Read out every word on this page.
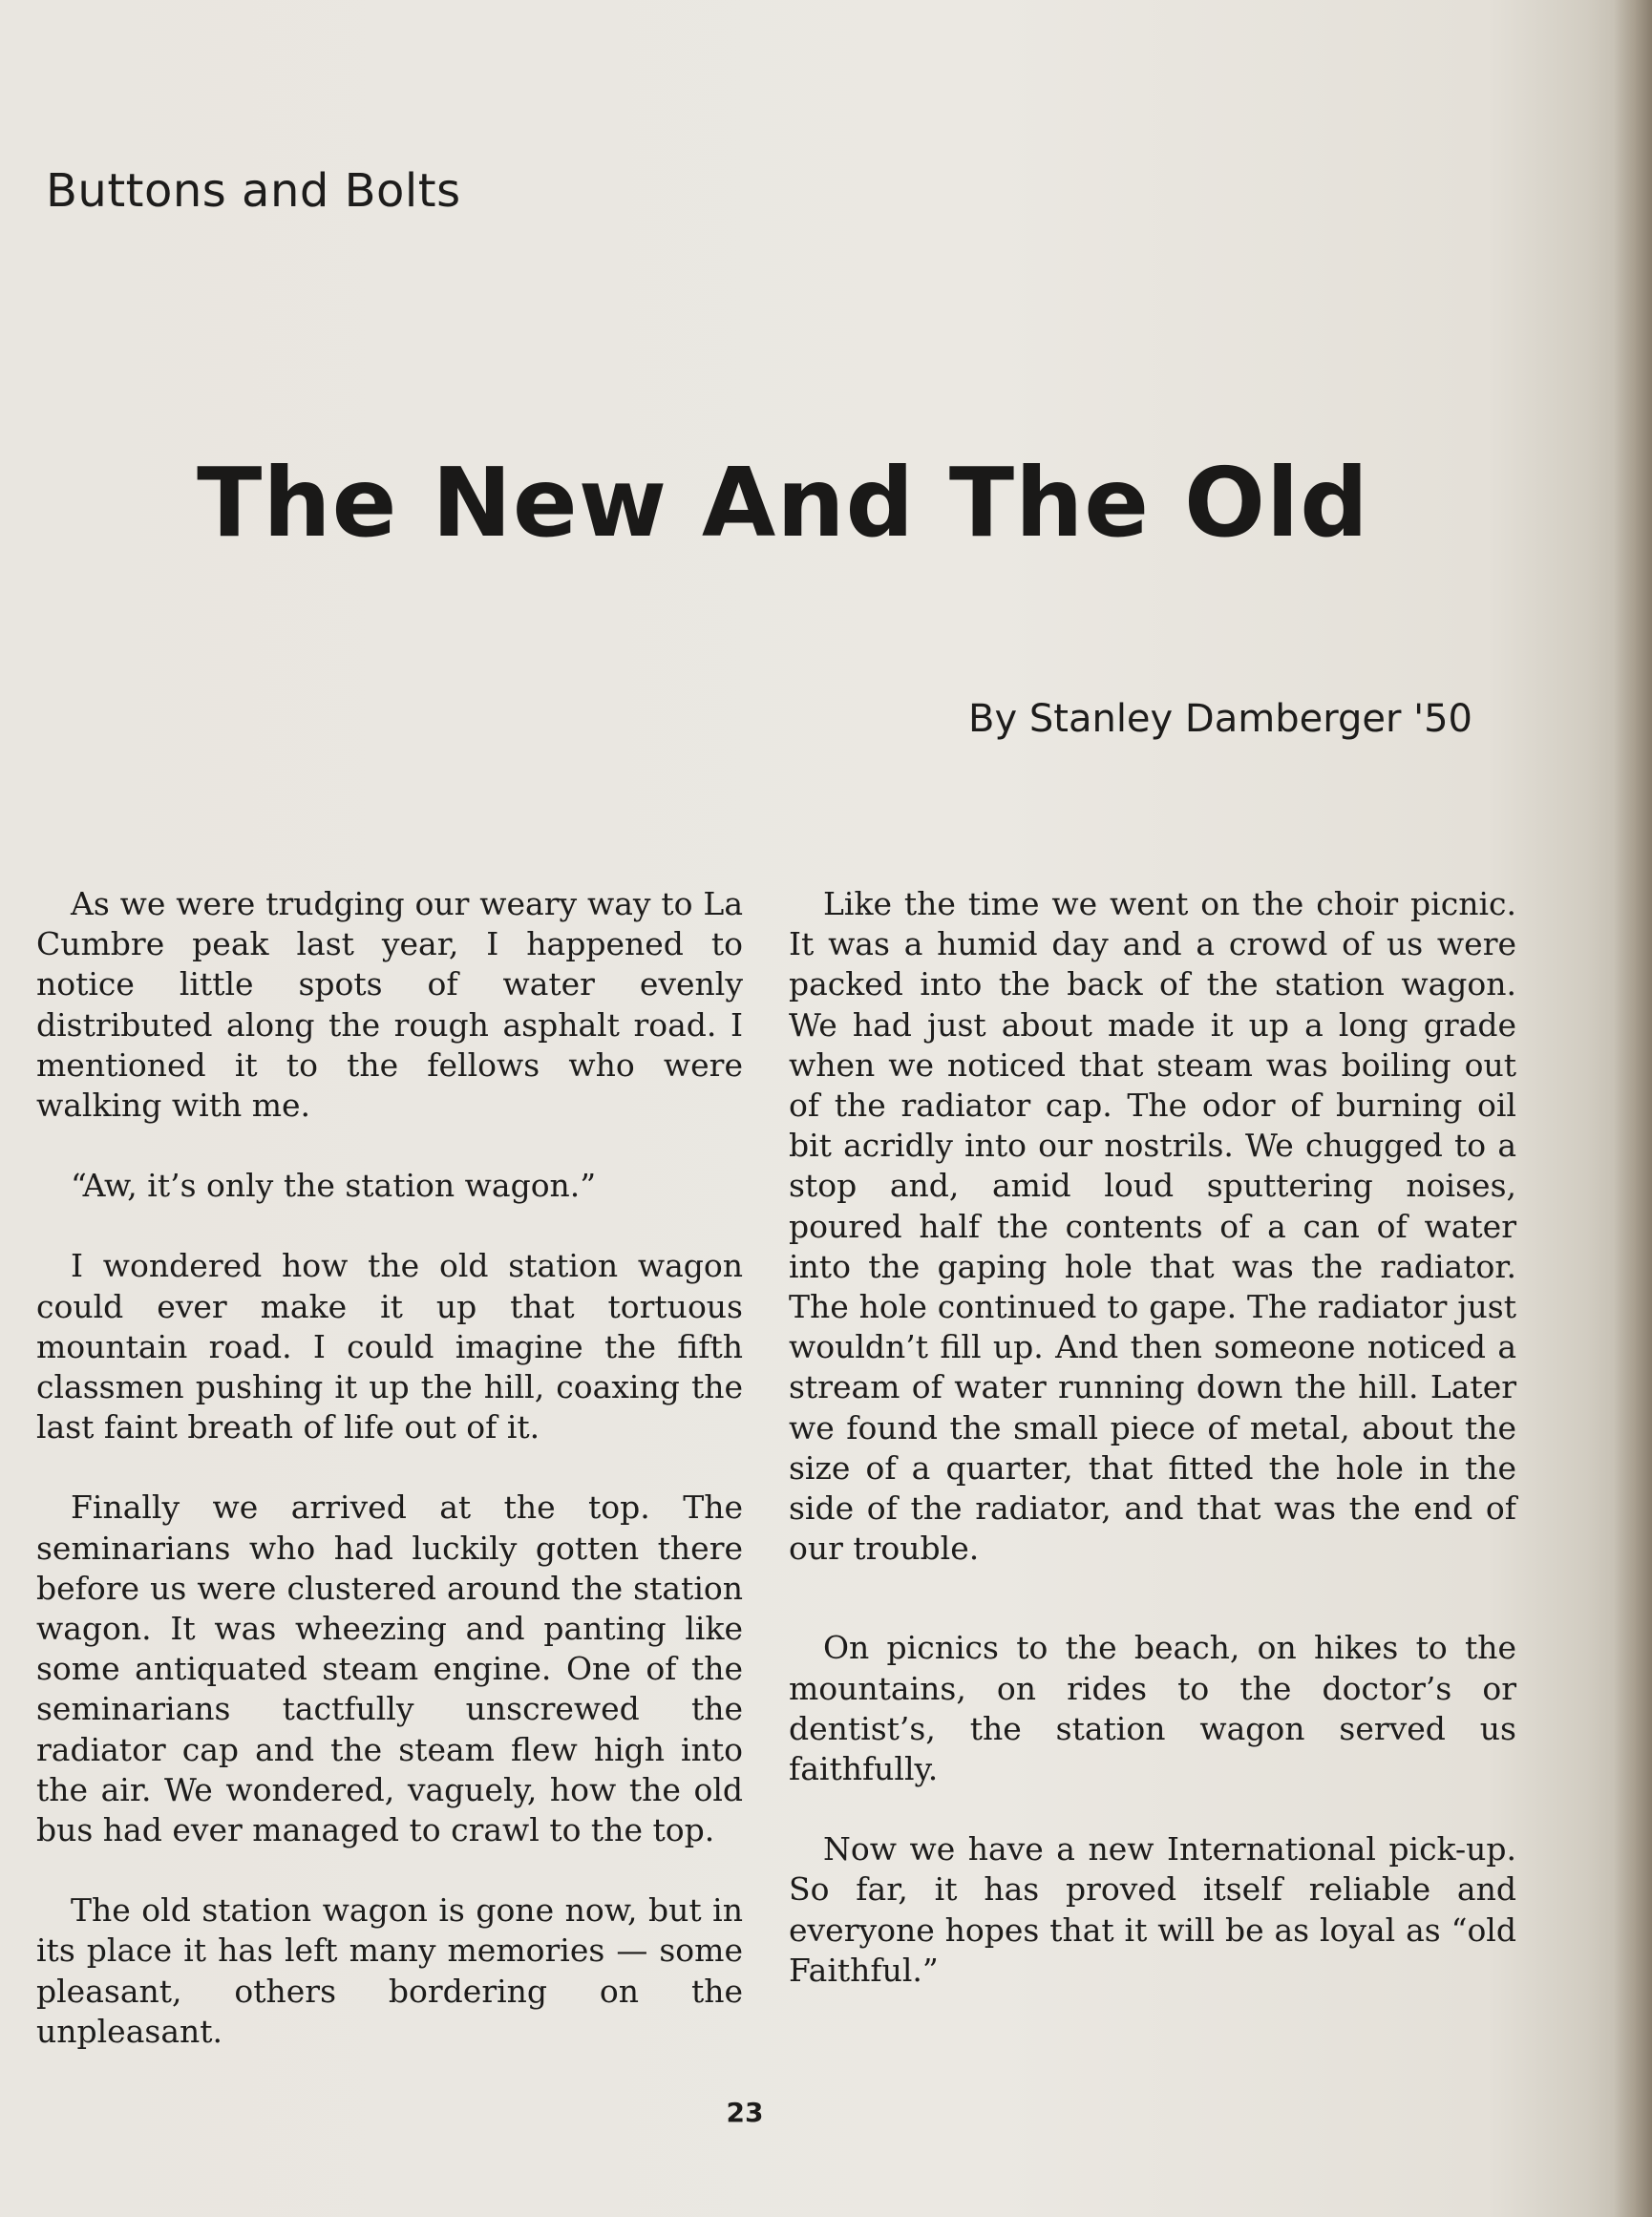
Buttons and Bolts
The New And The Old
By Stanley Damberger '50

As we were trudging our weary way to La Cumbre peak last year, I happened to notice little spots of water evenly distributed along the rough asphalt road. I mentioned it to the fellows who were walking with me.

“Aw, it’s only the station wagon.”

I wondered how the old station wagon could ever make it up that tortuous mountain road. I could imagine the fifth classmen pushing it up the hill, coaxing the last faint breath of life out of it.

Finally we arrived at the top. The seminarians who had luckily gotten there before us were clustered around the station wagon. It was wheezing and panting like some antiquated steam engine. One of the seminarians tactfully unscrewed the radiator cap and the steam flew high into the air. We wondered, vaguely, how the old bus had ever managed to crawl to the top.

The old station wagon is gone now, but in its place it has left many memories — some pleasant, others bordering on the unpleasant.

Like the time we went on the choir picnic. It was a humid day and a crowd of us were packed into the back of the station wagon. We had just about made it up a long grade when we noticed that steam was boiling out of the radiator cap. The odor of burning oil bit acridly into our nostrils. We chugged to a stop and, amid loud sputtering noises, poured half the contents of a can of water into the gaping hole that was the radiator. The hole continued to gape. The radiator just wouldn’t fill up. And then someone noticed a stream of water running down the hill. Later we found the small piece of metal, about the size of a quarter, that fitted the hole in the side of the radiator, and that was the end of our trouble.

On picnics to the beach, on hikes to the mountains, on rides to the doctor’s or dentist’s, the station wagon served us faithfully.

Now we have a new International pick-up. So far, it has proved itself reliable and everyone hopes that it will be as loyal as “old Faithful.”

23
